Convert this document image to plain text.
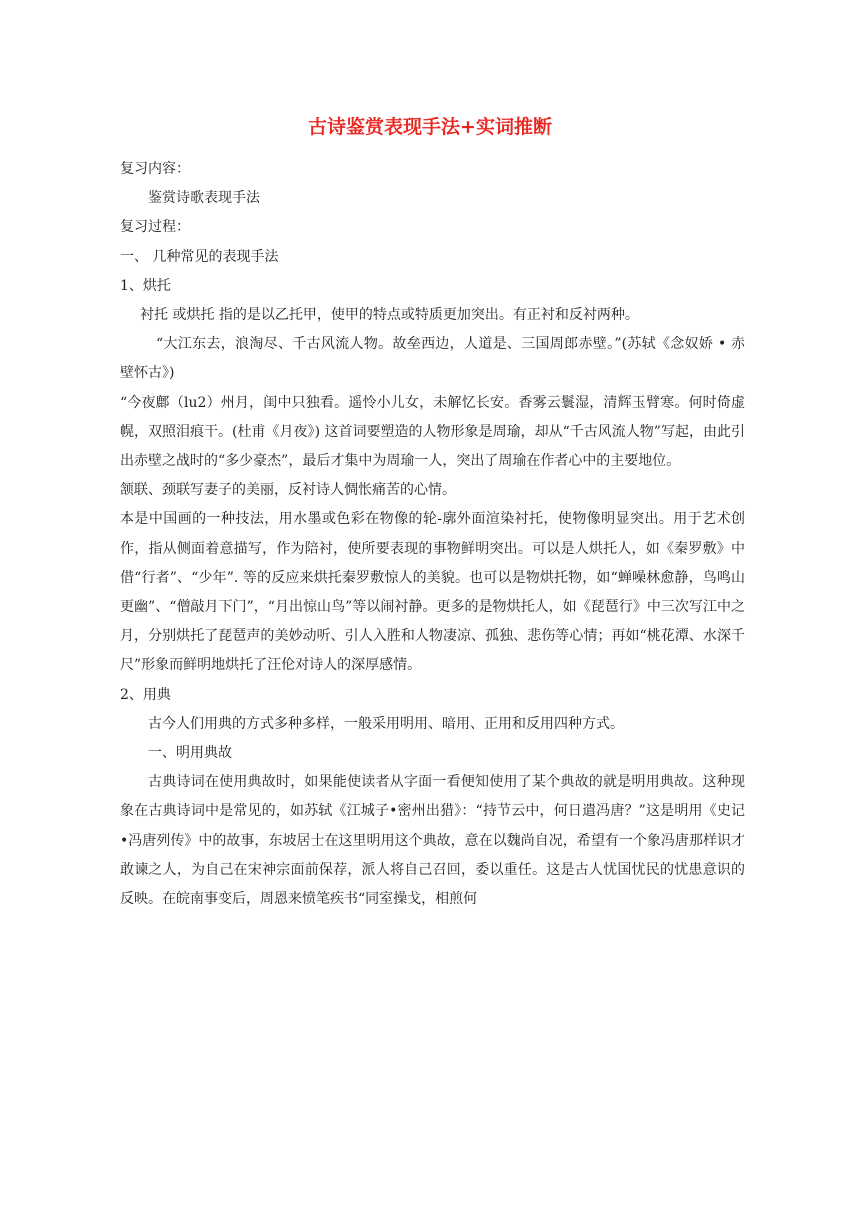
古诗鉴赏表现手法+实词推断

复习内容：

鉴赏诗歌表现手法

复习过程：

一、 几种常见的表现手法

1、烘托

衬托 或烘托 指的是以乙托甲，使甲的特点或特质更加突出。有正衬和反衬两种。

“大江东去，浪淘尽、千古风流人物。故垒西边，人道是、三国周郎赤壁。”(苏轼《念奴娇 • 赤壁怀古》)

“今夜鄜（lu2）州月，闺中只独看。遥怜小儿女，未解忆长安。香雾云鬟湿，清辉玉臂寒。何时倚虚幌，双照泪痕干。(杜甫《月夜》) 这首词要塑造的人物形象是周瑜，却从“千古风流人物”写起，由此引出赤壁之战时的“多少豪杰”，最后才集中为周瑜一人，突出了周瑜在作者心中的主要地位。

颔联、颈联写妻子的美丽，反衬诗人惆怅痛苦的心情。

本是中国画的一种技法，用水墨或色彩在物像的轮-廓外面渲染衬托，使物像明显突出。用于艺术创作，指从侧面着意描写，作为陪衬，使所要表现的事物鲜明突出。可以是人烘托人，如《秦罗敷》中借“行者”、“少年”. 等的反应来烘托秦罗敷惊人的美貌。也可以是物烘托物，如“蝉噪林愈静，鸟鸣山更幽”、“僧敲月下门”，“月出惊山鸟”等以闹衬静。更多的是物烘托人，如《琵琶行》中三次写江中之月，分别烘托了琵琶声的美妙动听、引人入胜和人物凄凉、孤独、悲伤等心情；再如“桃花潭、水深千尺”形象而鲜明地烘托了汪伦对诗人的深厚感情。

2、用典

古今人们用典的方式多种多样，一般采用明用、暗用、正用和反用四种方式。

一、明用典故

古典诗词在使用典故时，如果能使读者从字面一看便知使用了某个典故的就是明用典故。这种现象在古典诗词中是常见的，如苏轼《江城子•密州出猎》：“持节云中，何日遣冯唐？”这是明用《史记•冯唐列传》中的故事，东坡居士在这里明用这个典故，意在以魏尚自况，希望有一个象冯唐那样识才敢谏之人，为自己在宋神宗面前保荐，派人将自己召回，委以重任。这是古人忧国忧民的忧患意识的反映。在皖南事变后，周恩来愤笔疾书“同室操戈，相煎何
